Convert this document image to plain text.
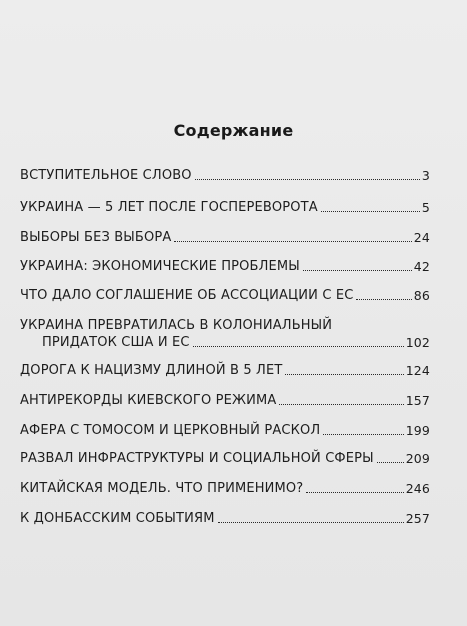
Содержание
ВСТУПИТЕЛЬНОЕ СЛОВО	3
УКРАИНА — 5 ЛЕТ ПОСЛЕ ГОСПЕРЕВОРОТА	5
ВЫБОРЫ БЕЗ ВЫБОРА	24
УКРАИНА: ЭКОНОМИЧЕСКИЕ ПРОБЛЕМЫ	42
ЧТО ДАЛО СОГЛАШЕНИЕ ОБ АССОЦИАЦИИ С ЕС	86
УКРАИНА ПРЕВРАТИЛАСЬ В КОЛОНИАЛЬНЫЙ
ПРИДАТОК США И ЕС	102
ДОРОГА К НАЦИЗМУ ДЛИНОЙ В 5 ЛЕТ	124
АНТИРЕКОРДЫ КИЕВСКОГО РЕЖИМА	157
АФЕРА С ТОМОСОМ И ЦЕРКОВНЫЙ РАСКОЛ	199
РАЗВАЛ ИНФРАСТРУКТУРЫ И СОЦИАЛЬНОЙ СФЕРЫ	209
КИТАЙСКАЯ МОДЕЛЬ. ЧТО ПРИМЕНИМО?	246
К ДОНБАССКИМ СОБЫТИЯМ	257
